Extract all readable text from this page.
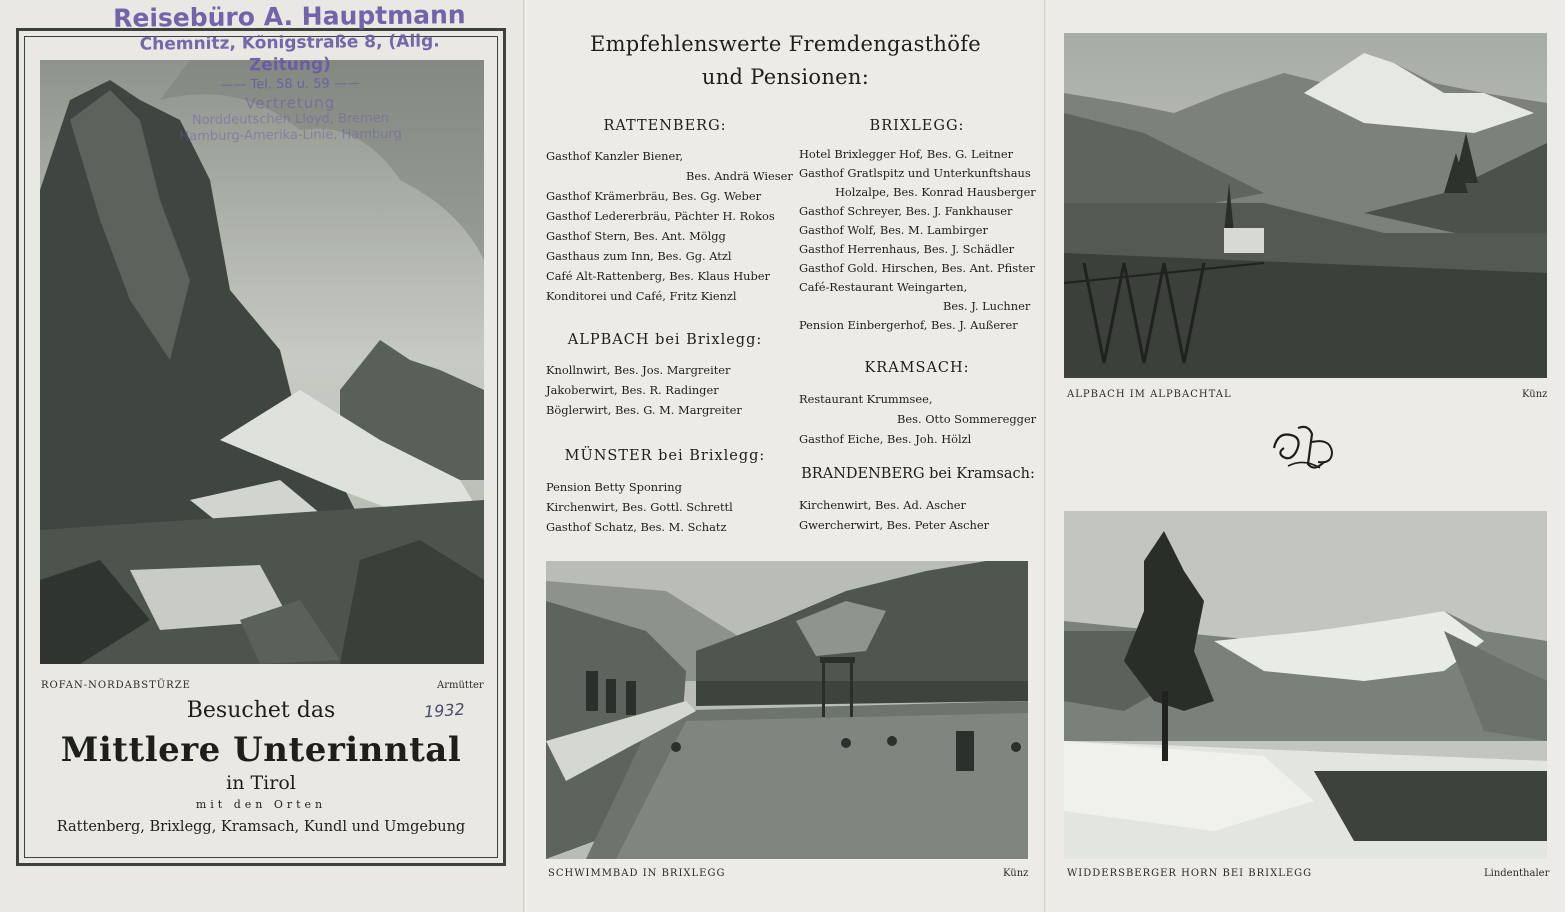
Reisebüro A. Hauptmann
Chemnitz, Königstraße 8, (Allg. Zeitung)
—— Tel. 58 u. 59 ——
Vertretung
Norddeutschen Lloyd, Bremen
Hamburg-Amerika-Linie, Hamburg
ROFAN-NORDABSTÜRZE	Armütter
1932
Besuchet das
Mittlere Unterinntal
in Tirol
mit den Orten
Rattenberg, Brixlegg, Kramsach, Kundl und Umgebung
Empfehlenswerte Fremdengasthöfe
und Pensionen:
RATTENBERG:
Gasthof Kanzler Biener,
Bes. Andrä Wieser
Gasthof Krämerbräu, Bes. Gg. Weber
Gasthof Ledererbräu, Pächter H. Rokos
Gasthof Stern, Bes. Ant. Mölgg
Gasthaus zum Inn, Bes. Gg. Atzl
Café Alt-Rattenberg, Bes. Klaus Huber
Konditorei und Café, Fritz Kienzl
ALPBACH bei Brixlegg:
Knollnwirt, Bes. Jos. Margreiter
Jakoberwirt, Bes. R. Radinger
Böglerwirt, Bes. G. M. Margreiter
MÜNSTER bei Brixlegg:
Pension Betty Sponring
Kirchenwirt, Bes. Gottl. Schrettl
Gasthof Schatz, Bes. M. Schatz
BRIXLEGG:
Hotel Brixlegger Hof, Bes. G. Leitner
Gasthof Gratlspitz und Unterkunftshaus
Holzalpe, Bes. Konrad Hausberger
Gasthof Schreyer, Bes. J. Fankhauser
Gasthof Wolf, Bes. M. Lambirger
Gasthof Herrenhaus, Bes. J. Schädler
Gasthof Gold. Hirschen, Bes. Ant. Pfister
Café-Restaurant Weingarten,
Bes. J. Luchner
Pension Einbergerhof, Bes. J. Außerer
KRAMSACH:
Restaurant Krummsee,
Bes. Otto Sommeregger
Gasthof Eiche, Bes. Joh. Hölzl
BRANDENBERG bei Kramsach:
Kirchenwirt, Bes. Ad. Ascher
Gwercherwirt, Bes. Peter Ascher
SCHWIMMBAD IN BRIXLEGG	Künz
ALPBACH IM ALPBACHTAL	Künz
WIDDERSBERGER HORN BEI BRIXLEGG	Lindenthaler
